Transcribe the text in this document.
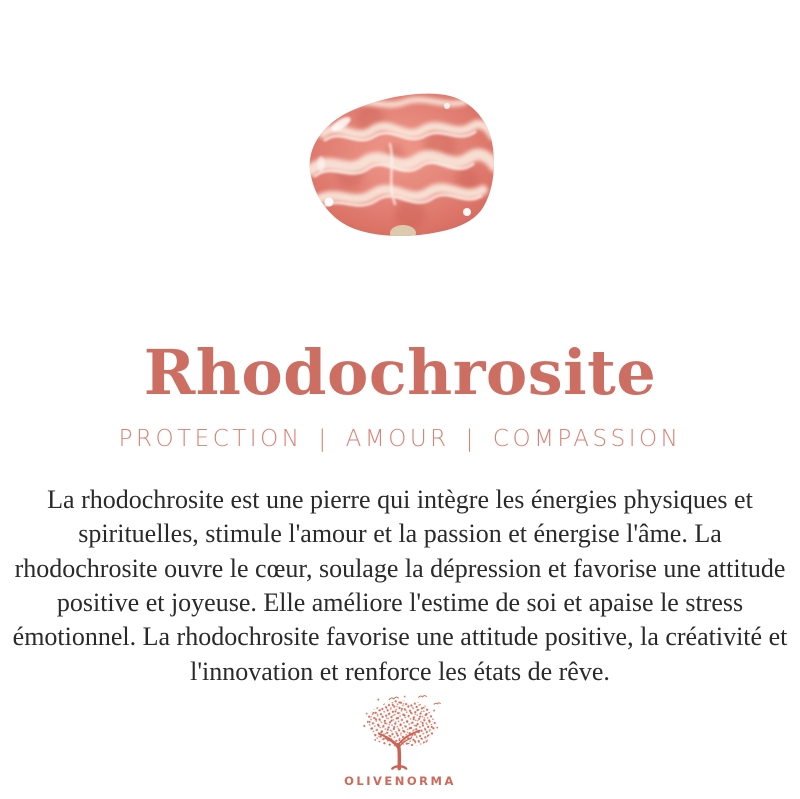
Rhodochrosite
PROTECTION | AMOUR | COMPASSION

La rhodochrosite est une pierre qui intègre les énergies physiques et spirituelles, stimule l'amour et la passion et énergise l'âme. La rhodochrosite ouvre le cœur, soulage la dépression et favorise une attitude positive et joyeuse. Elle améliore l'estime de soi et apaise le stress émotionnel. La rhodochrosite favorise une attitude positive, la créativité et l'innovation et renforce les états de rêve.

OLIVENORMA
